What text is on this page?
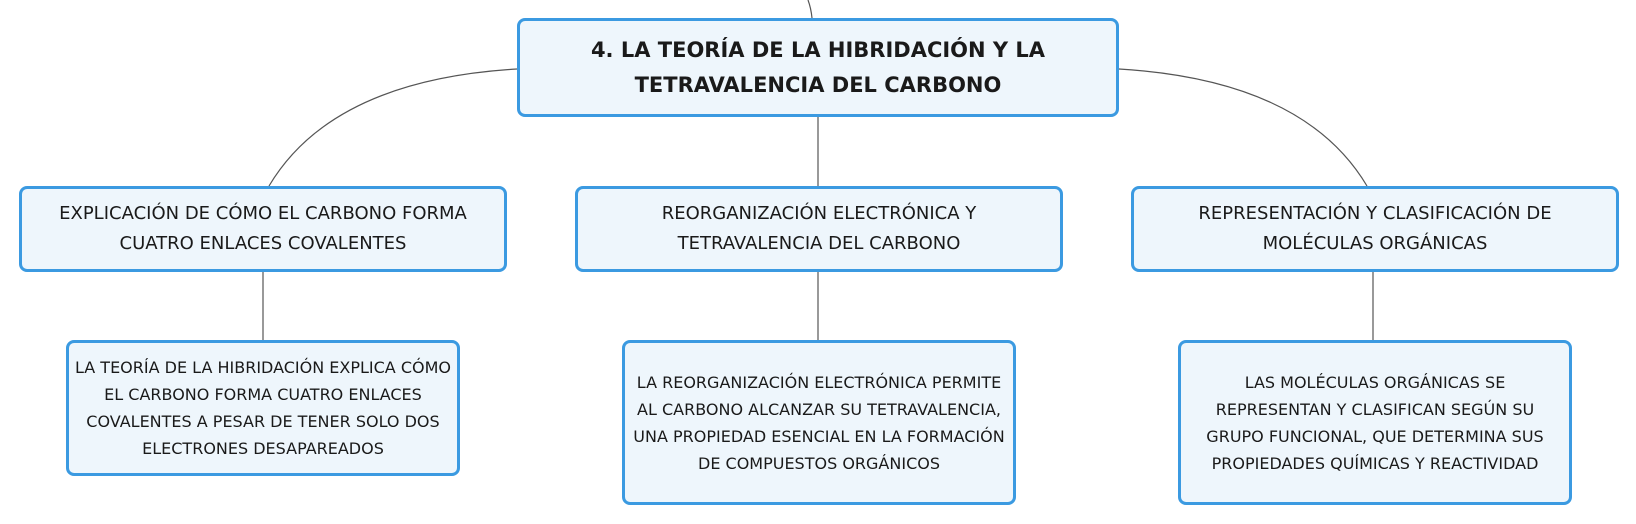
4. LA TEORÍA DE LA HIBRIDACIÓN Y LA TETRAVALENCIA DEL CARBONO
EXPLICACIÓN DE CÓMO EL CARBONO FORMA CUATRO ENLACES COVALENTES
REORGANIZACIÓN ELECTRÓNICA Y TETRAVALENCIA DEL CARBONO
REPRESENTACIÓN Y CLASIFICACIÓN DE MOLÉCULAS ORGÁNICAS
LA TEORÍA DE LA HIBRIDACIÓN EXPLICA CÓMO EL CARBONO FORMA CUATRO ENLACES COVALENTES A PESAR DE TENER SOLO DOS ELECTRONES DESAPAREADOS
LA REORGANIZACIÓN ELECTRÓNICA PERMITE AL CARBONO ALCANZAR SU TETRAVALENCIA, UNA PROPIEDAD ESENCIAL EN LA FORMACIÓN DE COMPUESTOS ORGÁNICOS
LAS MOLÉCULAS ORGÁNICAS SE REPRESENTAN Y CLASIFICAN SEGÚN SU GRUPO FUNCIONAL, QUE DETERMINA SUS PROPIEDADES QUÍMICAS Y REACTIVIDAD
